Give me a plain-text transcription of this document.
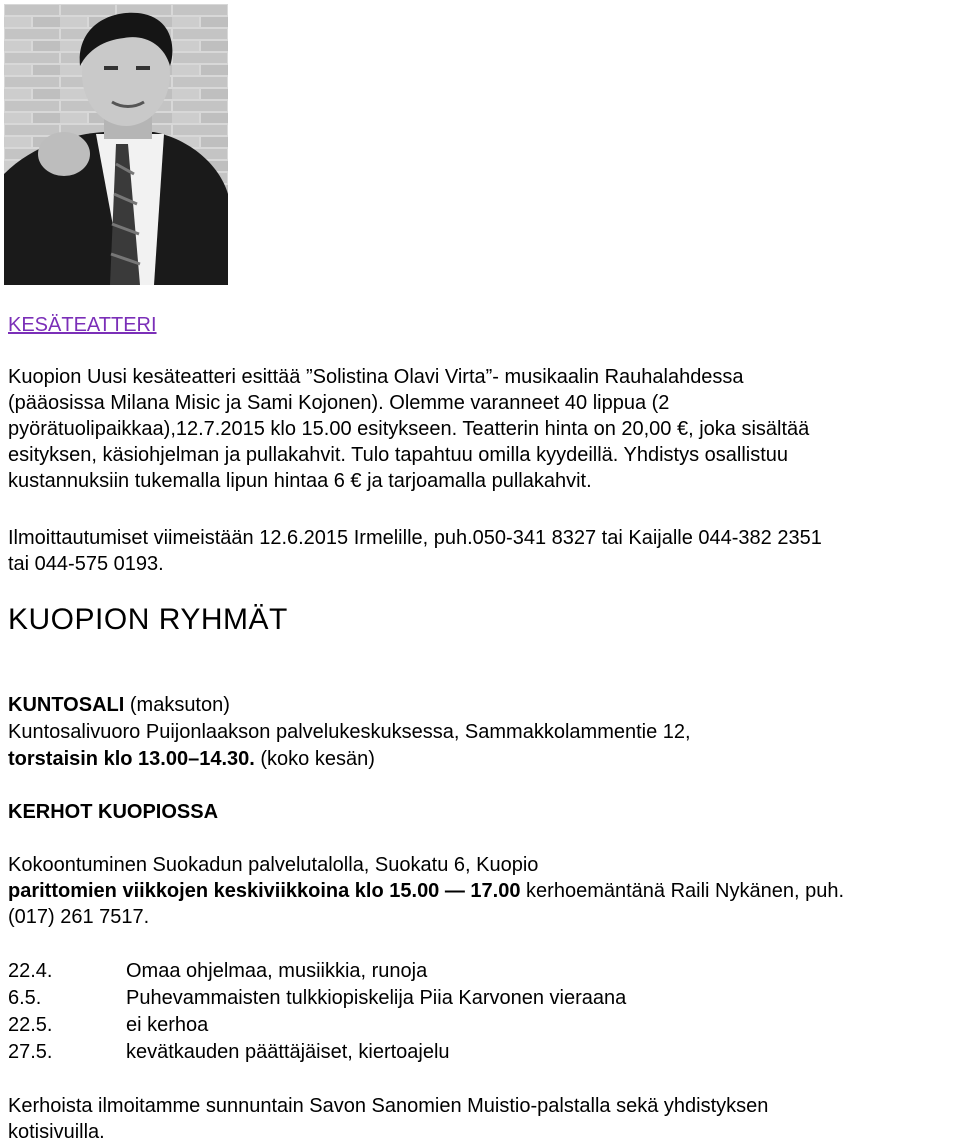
KESÄTEATTERI
Kuopion Uusi kesäteatteri esittää ”Solistina Olavi Virta”- musikaalin Rauhalahdessa
(pääosissa Milana Misic ja Sami Kojonen). Olemme varanneet 40 lippua (2
pyörätuolipaikkaa),12.7.2015 klo 15.00 esitykseen. Teatterin hinta on 20,00 €, joka sisältää
esityksen, käsiohjelman ja pullakahvit. Tulo tapahtuu omilla kyydeillä. Yhdistys osallistuu
kustannuksiin tukemalla lipun hintaa 6 € ja tarjoamalla pullakahvit.
Ilmoittautumiset viimeistään 12.6.2015 Irmelille, puh.050-341 8327 tai Kaijalle 044-382 2351
tai 044-575 0193.
KUOPION RYHMÄT
KUNTOSALI (maksuton)
Kuntosalivuoro Puijonlaakson palvelukeskuksessa, Sammakkolammentie 12,
torstaisin klo 13.00–14.30. (koko kesän)
KERHOT KUOPIOSSA
Kokoontuminen Suokadun palvelutalolla, Suokatu 6, Kuopio
parittomien viikkojen keskiviikkoina klo 15.00 — 17.00 kerhoemäntänä Raili Nykänen, puh.
(017) 261 7517.
22.4.	Omaa ohjelmaa, musiikkia, runoja
6.5.	Puhevammaisten tulkkiopiskelija Piia Karvonen vieraana
22.5.	ei kerhoa
27.5.	kevätkauden päättäjäiset, kiertoajelu
Kerhoista ilmoitamme sunnuntain Savon Sanomien Muistio-palstalla sekä yhdistyksen
kotisivuilla.
